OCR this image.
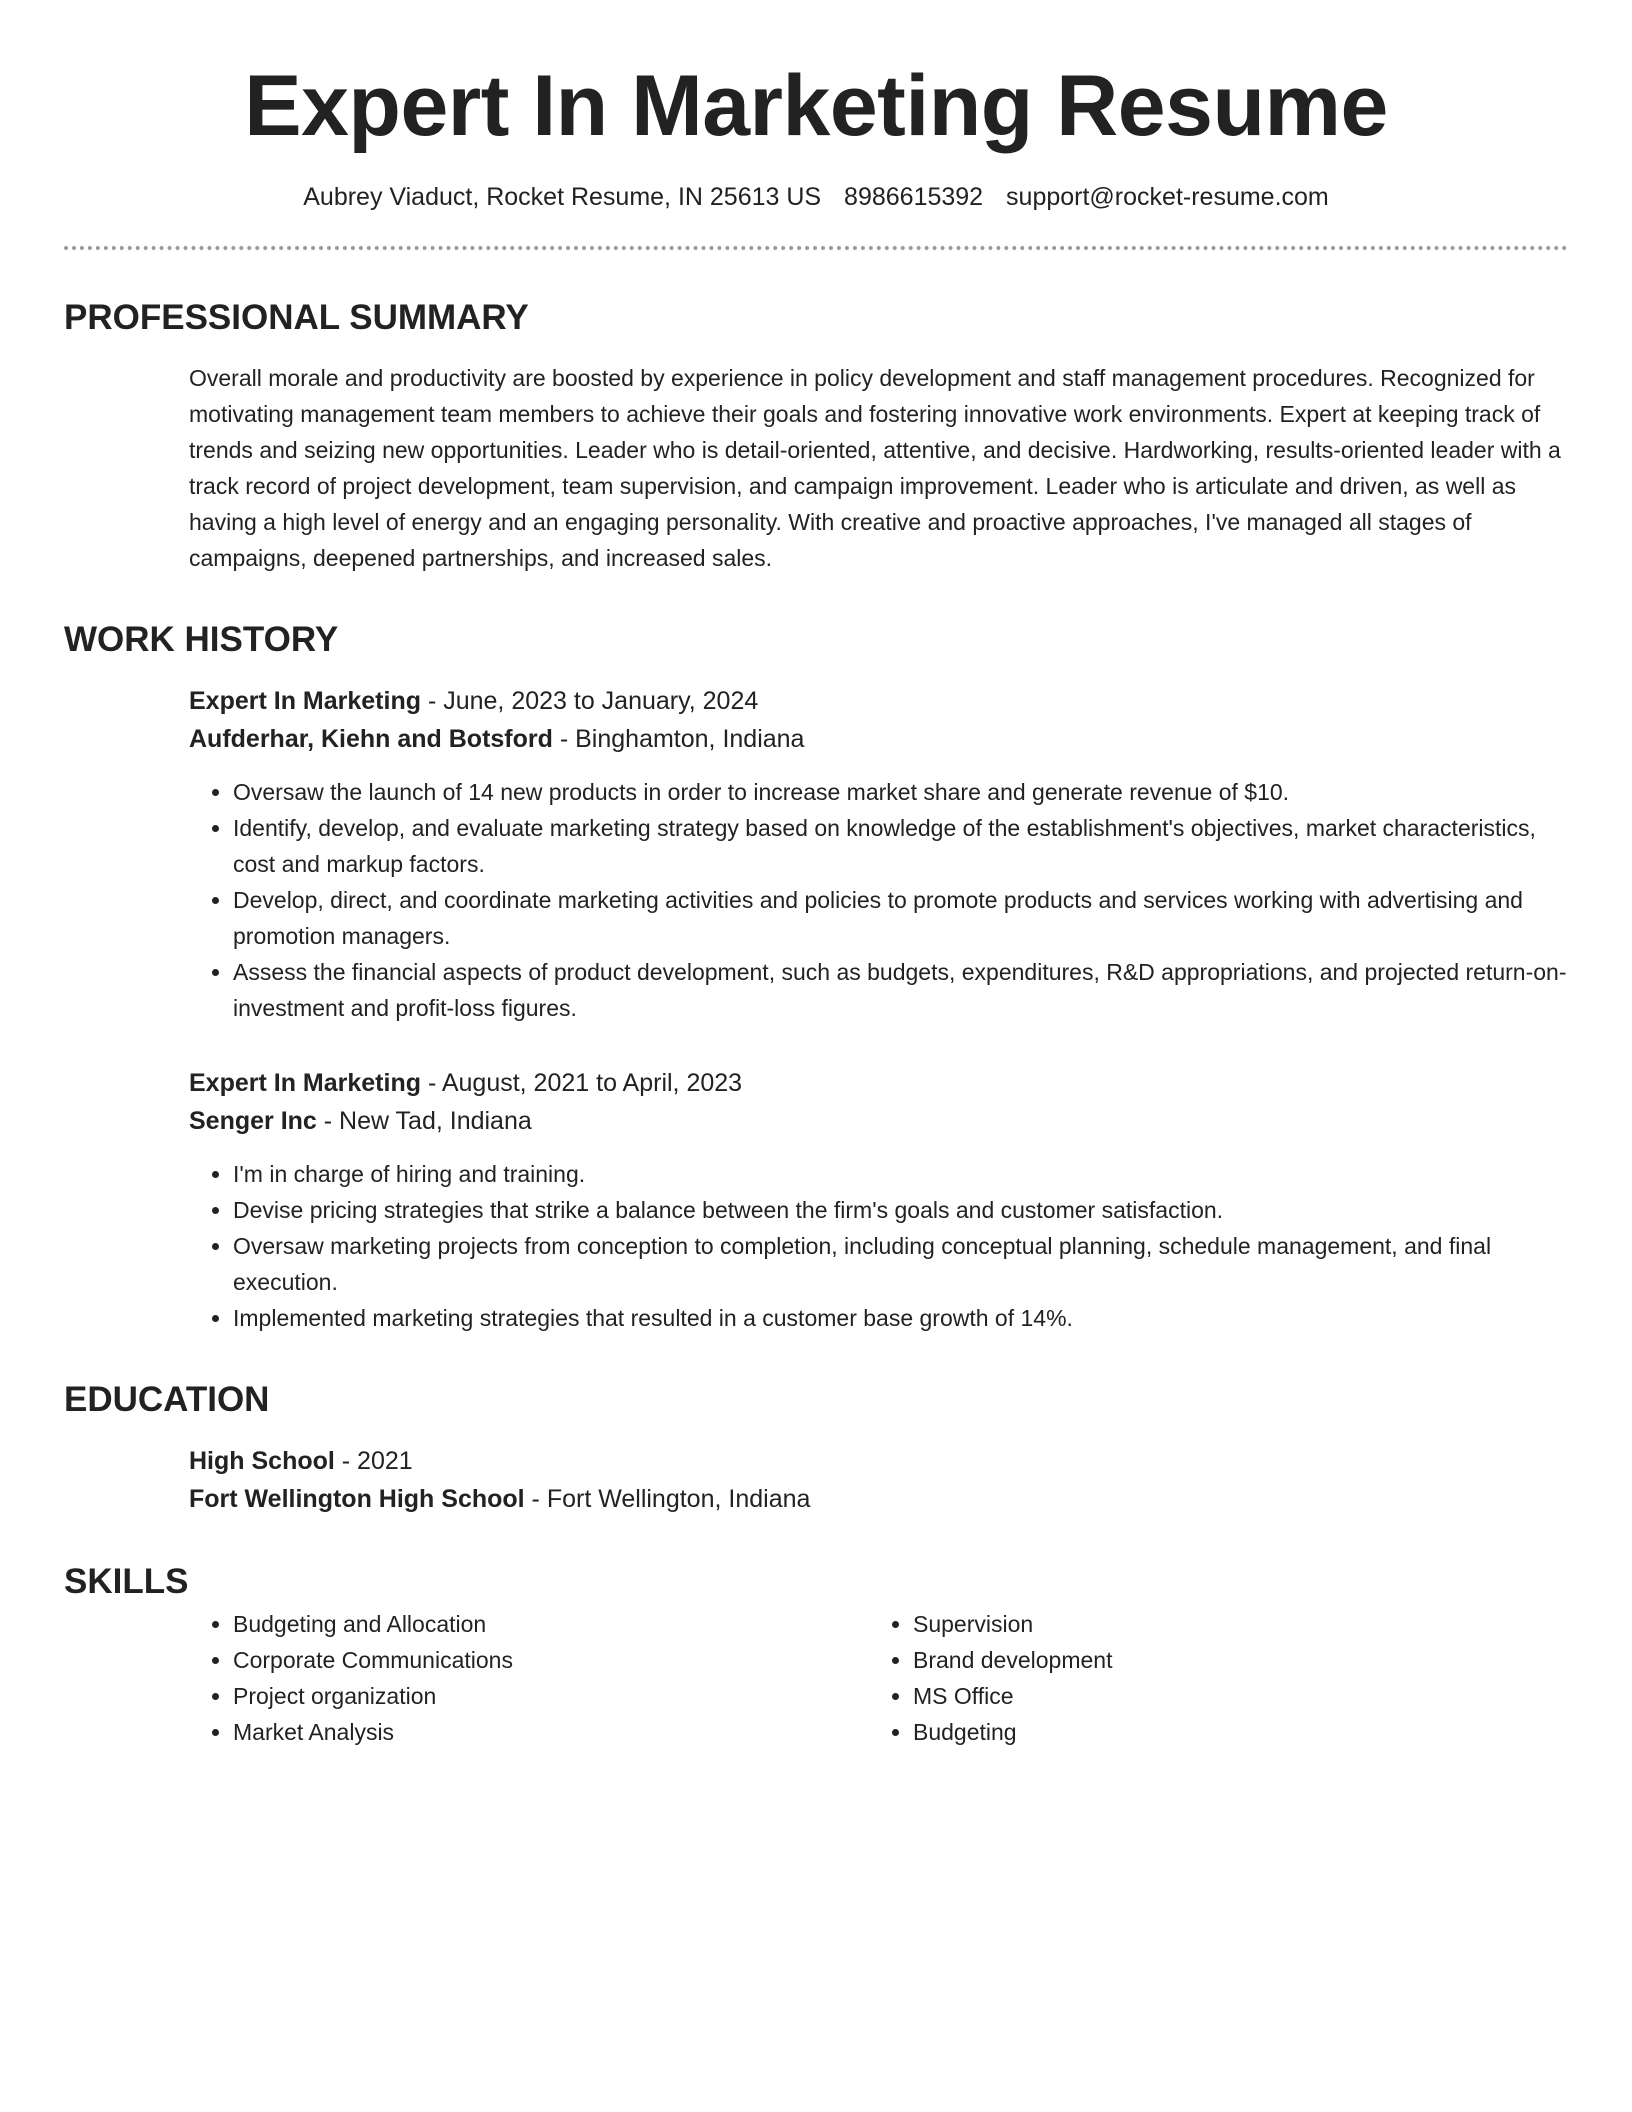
Expert In Marketing Resume
Aubrey Viaduct, Rocket Resume, IN 25613 US 8986615392 support@rocket-resume.com
PROFESSIONAL SUMMARY

Overall morale and productivity are boosted by experience in policy development and staff management procedures. Recognized for motivating management team members to achieve their goals and fostering innovative work environments. Expert at keeping track of trends and seizing new opportunities. Leader who is detail-oriented, attentive, and decisive. Hardworking, results-oriented leader with a track record of project development, team supervision, and campaign improvement. Leader who is articulate and driven, as well as having a high level of energy and an engaging personality. With creative and proactive approaches, I've managed all stages of campaigns, deepened partnerships, and increased sales.

WORK HISTORY
Expert In Marketing - June, 2023 to January, 2024
Aufderhar, Kiehn and Botsford - Binghamton, Indiana
• Oversaw the launch of 14 new products in order to increase market share and generate revenue of $10.
• Identify, develop, and evaluate marketing strategy based on knowledge of the establishment's objectives, market characteristics, cost and markup factors.
• Develop, direct, and coordinate marketing activities and policies to promote products and services working with advertising and promotion managers.
• Assess the financial aspects of product development, such as budgets, expenditures, R&D appropriations, and projected return-on-investment and profit-loss figures.
Expert In Marketing - August, 2021 to April, 2023
Senger Inc - New Tad, Indiana
• I'm in charge of hiring and training.
• Devise pricing strategies that strike a balance between the firm's goals and customer satisfaction.
• Oversaw marketing projects from conception to completion, including conceptual planning, schedule management, and final execution.
• Implemented marketing strategies that resulted in a customer base growth of 14%.
EDUCATION
High School - 2021
Fort Wellington High School - Fort Wellington, Indiana
SKILLS
• Budgeting and Allocation
• Corporate Communications
• Project organization
• Market Analysis
• Supervision
• Brand development
• MS Office
• Budgeting
